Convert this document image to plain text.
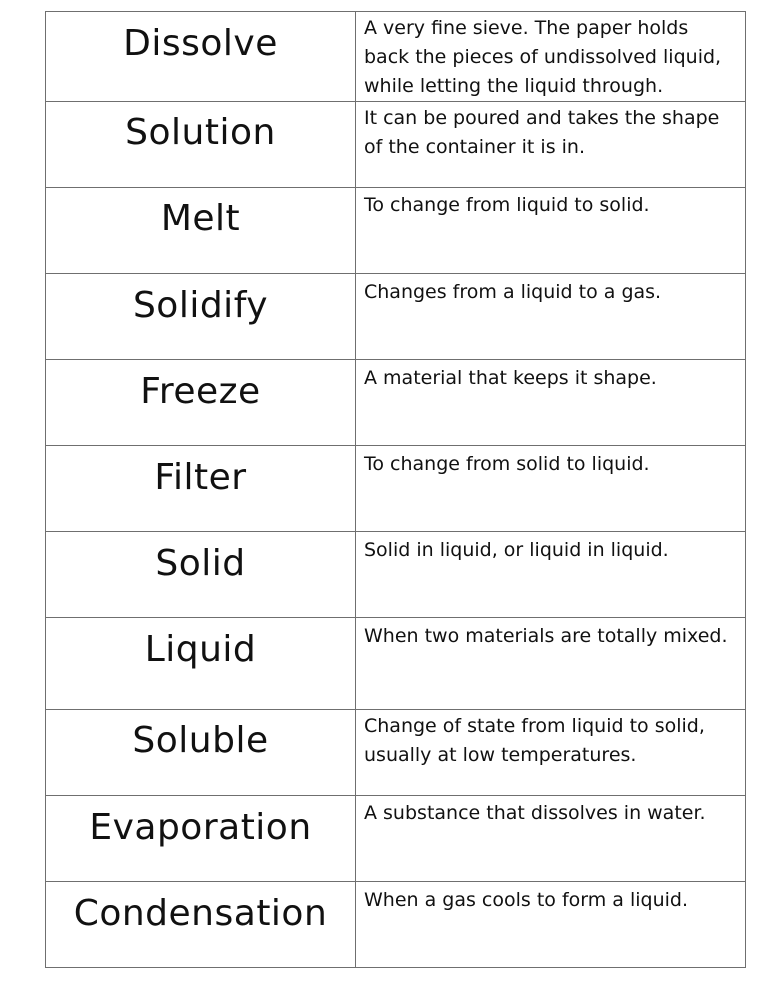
Dissolve	A very fine sieve. The paper holds back the pieces of undissolved liquid, while letting the liquid through.
Solution	It can be poured and takes the shape of the container it is in.
Melt	To change from liquid to solid.
Solidify	Changes from a liquid to a gas.
Freeze	A material that keeps it shape.
Filter	To change from solid to liquid.
Solid	Solid in liquid, or liquid in liquid.
Liquid	When two materials are totally mixed.
Soluble	Change of state from liquid to solid, usually at low temperatures.
Evaporation	A substance that dissolves in water.
Condensation	When a gas cools to form a liquid.
